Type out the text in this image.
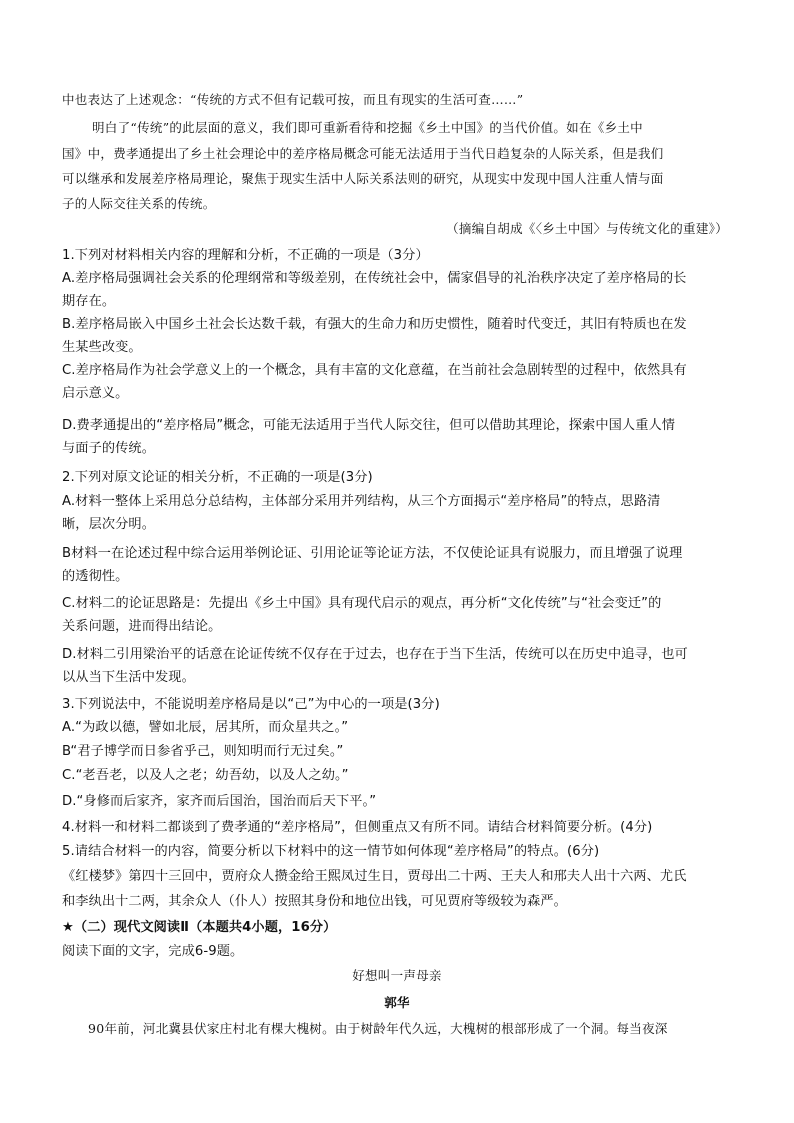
中也表达了上述观念：“传统的方式不但有记载可按，而且有现实的生活可查……”
明白了“传统”的此层面的意义，我们即可重新看待和挖掘《乡土中国》的当代价值。如在《乡土中
国》中，费孝通提出了乡土社会理论中的差序格局概念可能无法适用于当代日趋复杂的人际关系，但是我们
可以继承和发展差序格局理论，聚焦于现实生活中人际关系法则的研究，从现实中发现中国人注重人情与面
子的人际交往关系的传统。
（摘编自胡成《〈乡土中国〉与传统文化的重建》）
1.下列对材料相关内容的理解和分析，不正确的一项是（3分）
A.差序格局强调社会关系的伦理纲常和等级差别，在传统社会中，儒家倡导的礼治秩序决定了差序格局的长
期存在。
B.差序格局嵌入中国乡土社会长达数千载，有强大的生命力和历史惯性，随着时代变迁，其旧有特质也在发
生某些改变。
C.差序格局作为社会学意义上的一个概念，具有丰富的文化意蕴，在当前社会急剧转型的过程中，依然具有
启示意义。
D.费孝通提出的“差序格局”概念，可能无法适用于当代人际交往，但可以借助其理论，探索中国人重人情
与面子的传统。
2.下列对原文论证的相关分析，不正确的一项是(3分)
A.材料一整体上采用总分总结构，主体部分采用并列结构，从三个方面揭示“差序格局”的特点，思路清
晰，层次分明。
B材料一在论述过程中综合运用举例论证、引用论证等论证方法，不仅使论证具有说服力，而且增强了说理
的透彻性。
C.材料二的论证思路是：先提出《乡土中国》具有现代启示的观点，再分析“文化传统”与“社会变迁”的
关系问题，进而得出结论。
D.材料二引用梁治平的话意在论证传统不仅存在于过去，也存在于当下生活，传统可以在历史中追寻，也可
以从当下生活中发现。
3.下列说法中，不能说明差序格局是以“己”为中心的一项是(3分)
A.“为政以德，譬如北辰，居其所，而众星共之。”
B“君子博学而日参省乎己，则知明而行无过矣。”
C.“老吾老，以及人之老；幼吾幼，以及人之幼。”
D.“身修而后家齐，家齐而后国治，国治而后天下平。”
4.材料一和材料二都谈到了费孝通的“差序格局”，但侧重点又有所不同。请结合材料简要分析。(4分)
5.请结合材料一的内容，简要分析以下材料中的这一情节如何体现“差序格局”的特点。(6分)
《红楼梦》第四十三回中，贾府众人攒金给王熙凤过生日，贾母出二十两、王夫人和邢夫人出十六两、尤氏
和李纨出十二两，其余众人（仆人）按照其身份和地位出钱，可见贾府等级较为森严。
★（二）现代文阅读Ⅱ（本题共4小题，16分）
阅读下面的文字，完成6-9题。
好想叫一声母亲
郭华
90年前，河北冀县伏家庄村北有棵大槐树。由于树龄年代久远，大槐树的根部形成了一个洞。每当夜深
